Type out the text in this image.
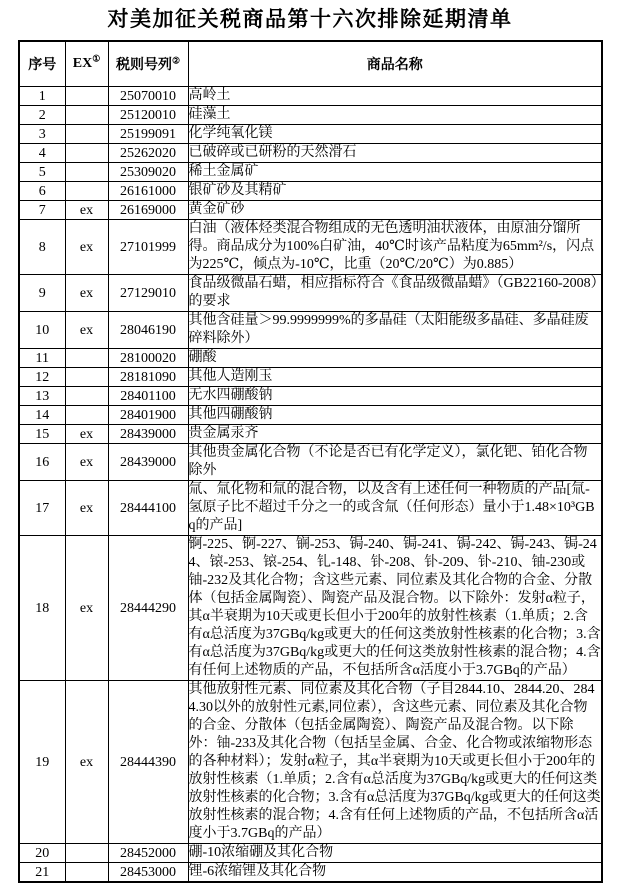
对美加征关税商品第十六次排除延期清单
序号	EX①	税则号列②	商品名称
1		25070010	高岭土
2		25120010	硅藻土
3		25199091	化学纯氧化镁
4		25262020	已破碎或已研粉的天然滑石
5		25309020	稀土金属矿
6		26161000	银矿砂及其精矿
7	ex	26169000	黄金矿砂
8	ex	27101999	白油（液体烃类混合物组成的无色透明油状液体，由原油分馏所得。商品成分为100%白矿油，40℃时该产品粘度为65mm²/s，闪点为225℃，倾点为-10℃，比重（20℃/20℃）为0.885）
9	ex	27129010	食品级微晶石蜡，相应指标符合《食品级微晶蜡》（GB22160-2008）的要求
10	ex	28046190	其他含硅量＞99.9999999%的多晶硅（太阳能级多晶硅、多晶硅废碎料除外）
11		28100020	硼酸
12		28181090	其他人造刚玉
13		28401100	无水四硼酸钠
14		28401900	其他四硼酸钠
15	ex	28439000	贵金属汞齐
16	ex	28439000	其他贵金属化合物（不论是否已有化学定义），氯化钯、铂化合物除外
17	ex	28444100	氚、氚化物和氚的混合物，以及含有上述任何一种物质的产品[氚-氢原子比不超过千分之一的或含氚（任何形态）量小于1.48×10³GBq的产品]
18	ex	28444290	锕-225、锕-227、锎-253、锔-240、锔-241、锔-242、锔-243、锔-244、锿-253、锿-254、钆-148、钋-208、钋-209、钋-210、铀-230或铀-232及其化合物；含这些元素、同位素及其化合物的合金、分散体（包括金属陶瓷）、陶瓷产品及混合物。以下除外：发射α粒子，其α半衰期为10天或更长但小于200年的放射性核素（1.单质；2.含有α总活度为37GBq/kg或更大的任何这类放射性核素的化合物；3.含有α总活度为37GBq/kg或更大的任何这类放射性核素的混合物；4.含有任何上述物质的产品，不包括所含α活度小于3.7GBq的产品）
19	ex	28444390	其他放射性元素、同位素及其化合物（子目2844.10、2844.20、2844.30以外的放射性元素,同位素），含这些元素、同位素及其化合物的合金、分散体（包括金属陶瓷）、陶瓷产品及混合物。以下除外：铀-233及其化合物（包括呈金属、合金、化合物或浓缩物形态的各种材料）；发射α粒子，其α半衰期为10天或更长但小于200年的放射性核素（1.单质；2.含有α总活度为37GBq/kg或更大的任何这类放射性核素的化合物；3.含有α总活度为37GBq/kg或更大的任何这类放射性核素的混合物；4.含有任何上述物质的产品，不包括所含α活度小于3.7GBq的产品）
20		28452000	硼-10浓缩硼及其化合物
21		28453000	锂-6浓缩锂及其化合物
